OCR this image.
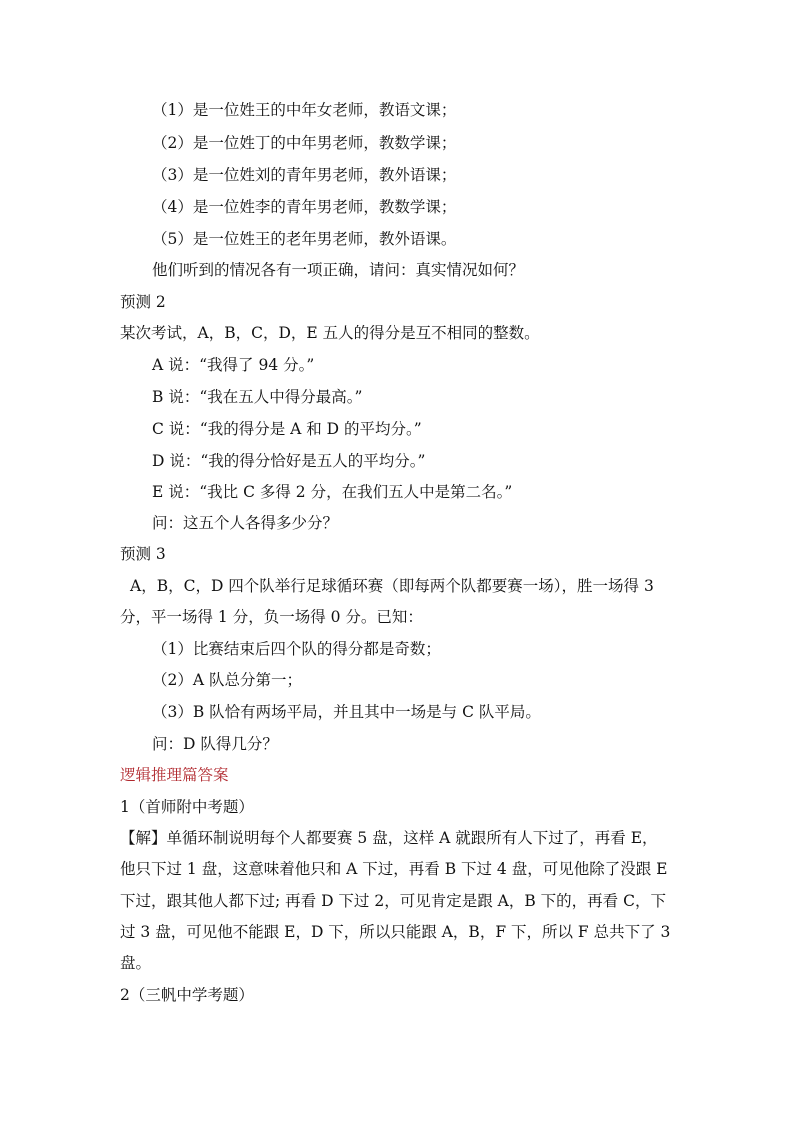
（1）是一位姓王的中年女老师，教语文课；
（2）是一位姓丁的中年男老师，教数学课；
（3）是一位姓刘的青年男老师，教外语课；
（4）是一位姓李的青年男老师，教数学课；
（5）是一位姓王的老年男老师，教外语课。
他们听到的情况各有一项正确，请问：真实情况如何？
预测 2
某次考试，A，B，C，D，E 五人的得分是互不相同的整数。
A 说：“我得了 94 分。”
B 说：“我在五人中得分最高。”
C 说：“我的得分是 A 和 D 的平均分。”
D 说：“我的得分恰好是五人的平均分。”
E 说：“我比 C 多得 2 分，在我们五人中是第二名。”
问：这五个人各得多少分？
预测 3
A，B，C，D 四个队举行足球循环赛（即每两个队都要赛一场），胜一场得 3
分，平一场得 1 分，负一场得 0 分。已知：
（1）比赛结束后四个队的得分都是奇数；
（2）A 队总分第一；
（3）B 队恰有两场平局，并且其中一场是与 C 队平局。
问：D 队得几分？
逻辑推理篇答案
1（首师附中考题）
【解】单循环制说明每个人都要赛 5 盘，这样 A 就跟所有人下过了，再看 E，
他只下过 1 盘，这意味着他只和 A 下过，再看 B 下过 4 盘，可见他除了没跟 E
下过，跟其他人都下过; 再看 D 下过 2，可见肯定是跟 A，B 下的，再看 C，下
过 3 盘，可见他不能跟 E，D 下，所以只能跟 A，B，F 下，所以 F 总共下了 3
盘。
2（三帆中学考题）
